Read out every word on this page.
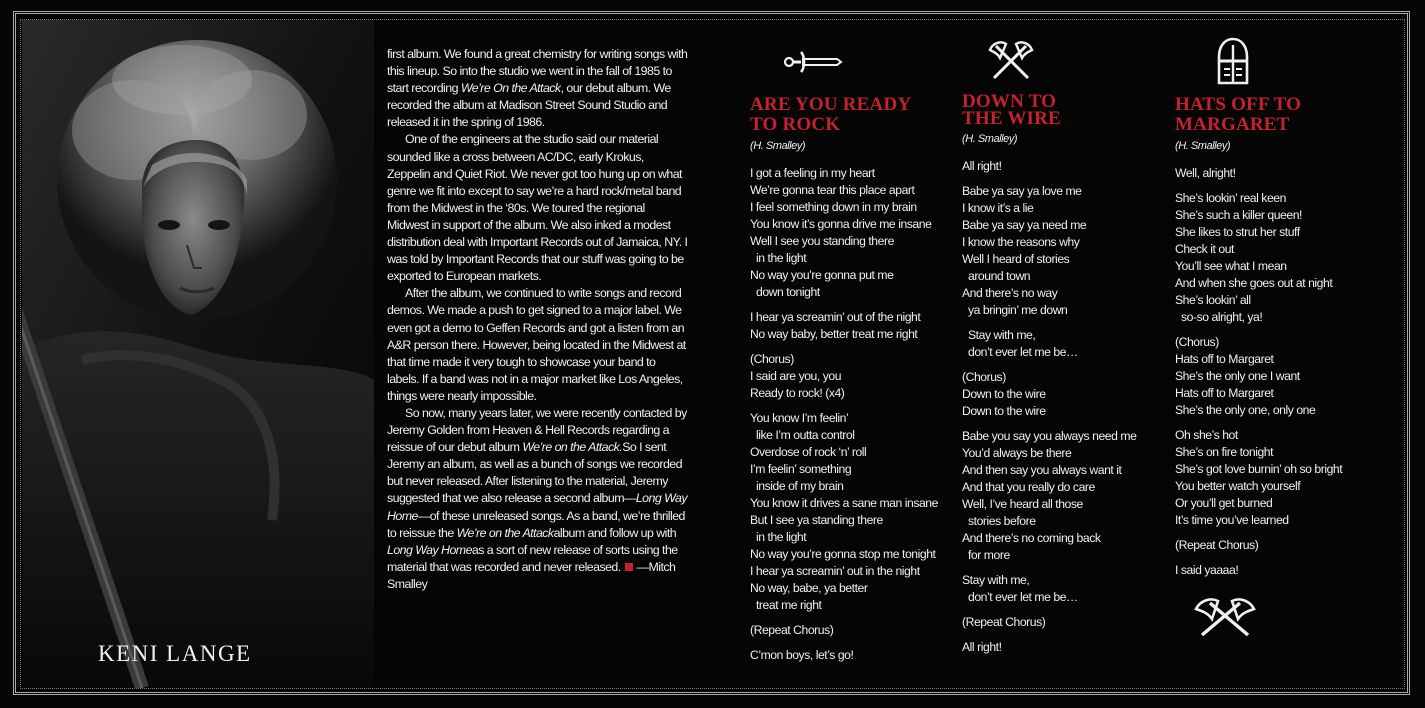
KENI LANGE

first album. We found a great chemistry for writing songs with this lineup. So into the studio we went in the fall of 1985 to start recording We’re On the Attack, our debut album. We recorded the album at Madison Street Sound Studio and released it in the spring of 1986.

One of the engineers at the studio said our material sounded like a cross between AC/DC, early Krokus, Zeppelin and Quiet Riot. We never got too hung up on what genre we fit into except to say we’re a hard rock/metal band from the Midwest in the ‘80s. We toured the regional Midwest in support of the album. We also inked a modest distribution deal with Important Records out of Jamaica, NY. I was told by Important Records that our stuff was going to be exported to European markets.

After the album, we continued to write songs and record demos. We made a push to get signed to a major label. We even got a demo to Geffen Records and got a listen from an A&R person there. However, being located in the Midwest at that time made it very tough to showcase your band to labels. If a band was not in a major market like Los Angeles, things were nearly impossible.

So now, many years later, we were recently contacted by Jeremy Golden from Heaven & Hell Records regarding a reissue of our debut album We’re on the Attack.So I sent Jeremy an album, as well as a bunch of songs we recorded but never released. After listening to the material, Jeremy suggested that we also release a second album—Long Way Home—of these unreleased songs. As a band, we’re thrilled to reissue the We’re on the Attackalbum and follow up with Long Way Homeas a sort of new release of sorts using the material that was recorded and never released. —Mitch Smalley

ARE YOU READY
TO ROCK
(H. Smalley)
I got a feeling in my heart
We’re gonna tear this place apart
I feel something down in my brain
You know it’s gonna drive me insane
Well I see you standing there
in the light
No way you’re gonna put me
down tonight
I hear ya screamin’ out of the night
No way baby, better treat me right
(Chorus)
I said are you, you
Ready to rock! (x4)
You know I’m feelin’
like I’m outta control
Overdose of rock ‘n’ roll
I’m feelin’ something
inside of my brain
You know it drives a sane man insane
But I see ya standing there
in the light
No way you’re gonna stop me tonight
I hear ya screamin’ out in the night
No way, babe, ya better
treat me right
(Repeat Chorus)
C’mon boys, let’s go!
DOWN TO
THE WIRE
(H. Smalley)
All right!
Babe ya say ya love me
I know it’s a lie
Babe ya say ya need me
I know the reasons why
Well I heard of stories
around town
And there’s no way
ya bringin’ me down
Stay with me,
don’t ever let me be…
(Chorus)
Down to the wire
Down to the wire
Babe you say you always need me
You’d always be there
And then say you always want it
And that you really do care
Well, I’ve heard all those
stories before
And there’s no coming back
for more
Stay with me,
don’t ever let me be…
(Repeat Chorus)
All right!
HATS OFF TO
MARGARET
(H. Smalley)
Well, alright!
She’s lookin’ real keen
She’s such a killer queen!
She likes to strut her stuff
Check it out
You’ll see what I mean
And when she goes out at night
She’s lookin’ all
so-so alright, ya!
(Chorus)
Hats off to Margaret
She’s the only one I want
Hats off to Margaret
She’s the only one, only one
Oh she’s hot
She’s on fire tonight
She’s got love burnin’ oh so bright
You better watch yourself
Or you’ll get burned
It’s time you’ve learned
(Repeat Chorus)
I said yaaaa!
